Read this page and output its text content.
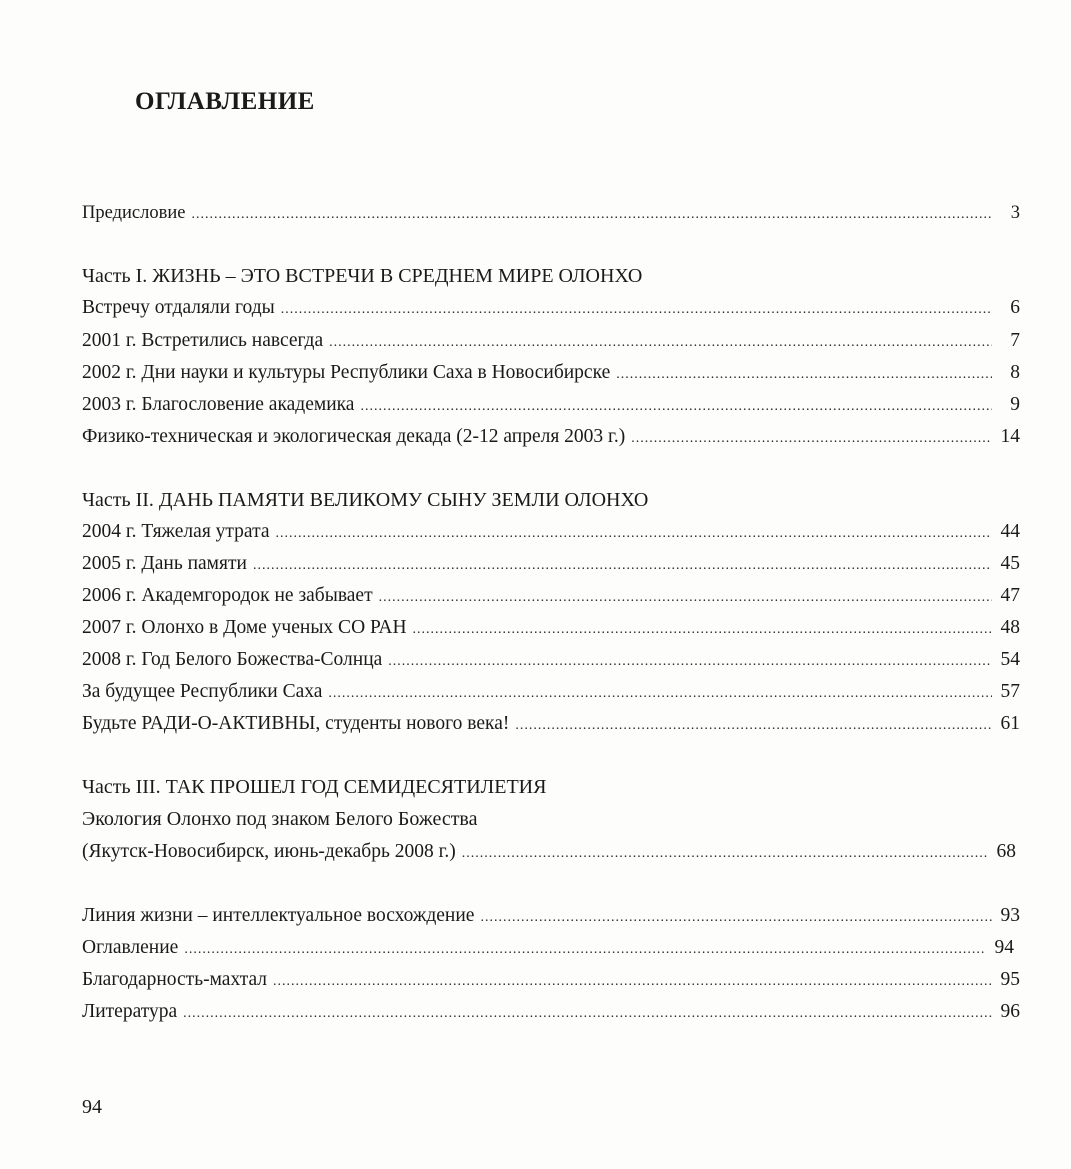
ОГЛАВЛЕНИЕ
Предисловие .....	3
Часть I. ЖИЗНЬ – ЭТО ВСТРЕЧИ В СРЕДНЕМ МИРЕ ОЛОНХО
Встречу отдаляли годы .....	6
2001 г. Встретились навсегда .....	7
2002 г. Дни науки и культуры Республики Саха в Новосибирске .....	8
2003 г. Благословение академика .....	9
Физико-техническая и экологическая декада (2-12 апреля 2003 г.) .....	14
Часть II. ДАНЬ ПАМЯТИ ВЕЛИКОМУ СЫНУ ЗЕМЛИ ОЛОНХО
2004 г. Тяжелая утрата .....	44
2005 г. Дань памяти .....	45
2006 г. Академгородок не забывает .....	47
2007 г. Олонхо в Доме ученых СО РАН .....	48
2008 г. Год Белого Божества-Солнца .....	54
За будущее Республики Саха .....	57
Будьте РАДИ-О-АКТИВНЫ, студенты нового века! .....	61
Часть III. ТАК ПРОШЕЛ ГОД СЕМИДЕСЯТИЛЕТИЯ
Экология Олонхо под знаком Белого Божества
(Якутск-Новосибирск, июнь-декабрь 2008 г.) .....	68
Линия жизни – интеллектуальное восхождение .....	93
Оглавление .....	94
Благодарность-махтал .....	95
Литература .....	96
94
